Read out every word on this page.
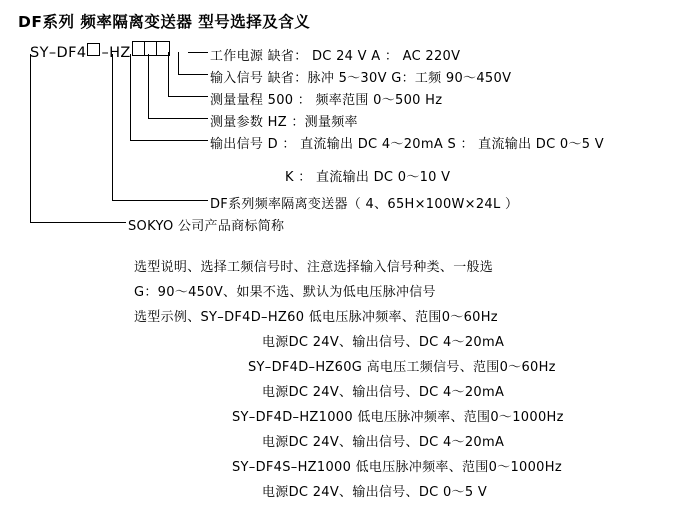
DF系列 频率隔离变送器 型号选择及含义
SY–DF4 –HZ	工作电源 缺省： DC 24 V A ： AC 220V
输入信号 缺省：脉冲 5～30V G：工频 90～450V
测量量程 500 ： 频率范围 0～500 Hz
测量参数 HZ ：测量频率
输出信号 D ： 直流输出 DC 4～20mA S ： 直流输出 DC 0～5 V
K ： 直流输出 DC 0～10 V
DF系列频率隔离变送器（ 4、65H×100W×24L ）
SOKYO 公司产品商标简称
选型说明、选择工频信号时、注意选择输入信号种类、一般选
G：90～450V、如果不选、默认为低电压脉冲信号
选型示例、SY–DF4D–HZ60 低电压脉冲频率、范围0～60Hz
电源DC 24V、输出信号、DC 4～20mA
SY–DF4D–HZ60G 高电压工频信号、范围0～60Hz
电源DC 24V、输出信号、DC 4～20mA
SY–DF4D–HZ1000 低电压脉冲频率、范围0～1000Hz
电源DC 24V、输出信号、DC 4～20mA
SY–DF4S–HZ1000 低电压脉冲频率、范围0～1000Hz
电源DC 24V、输出信号、DC 0～5 V
